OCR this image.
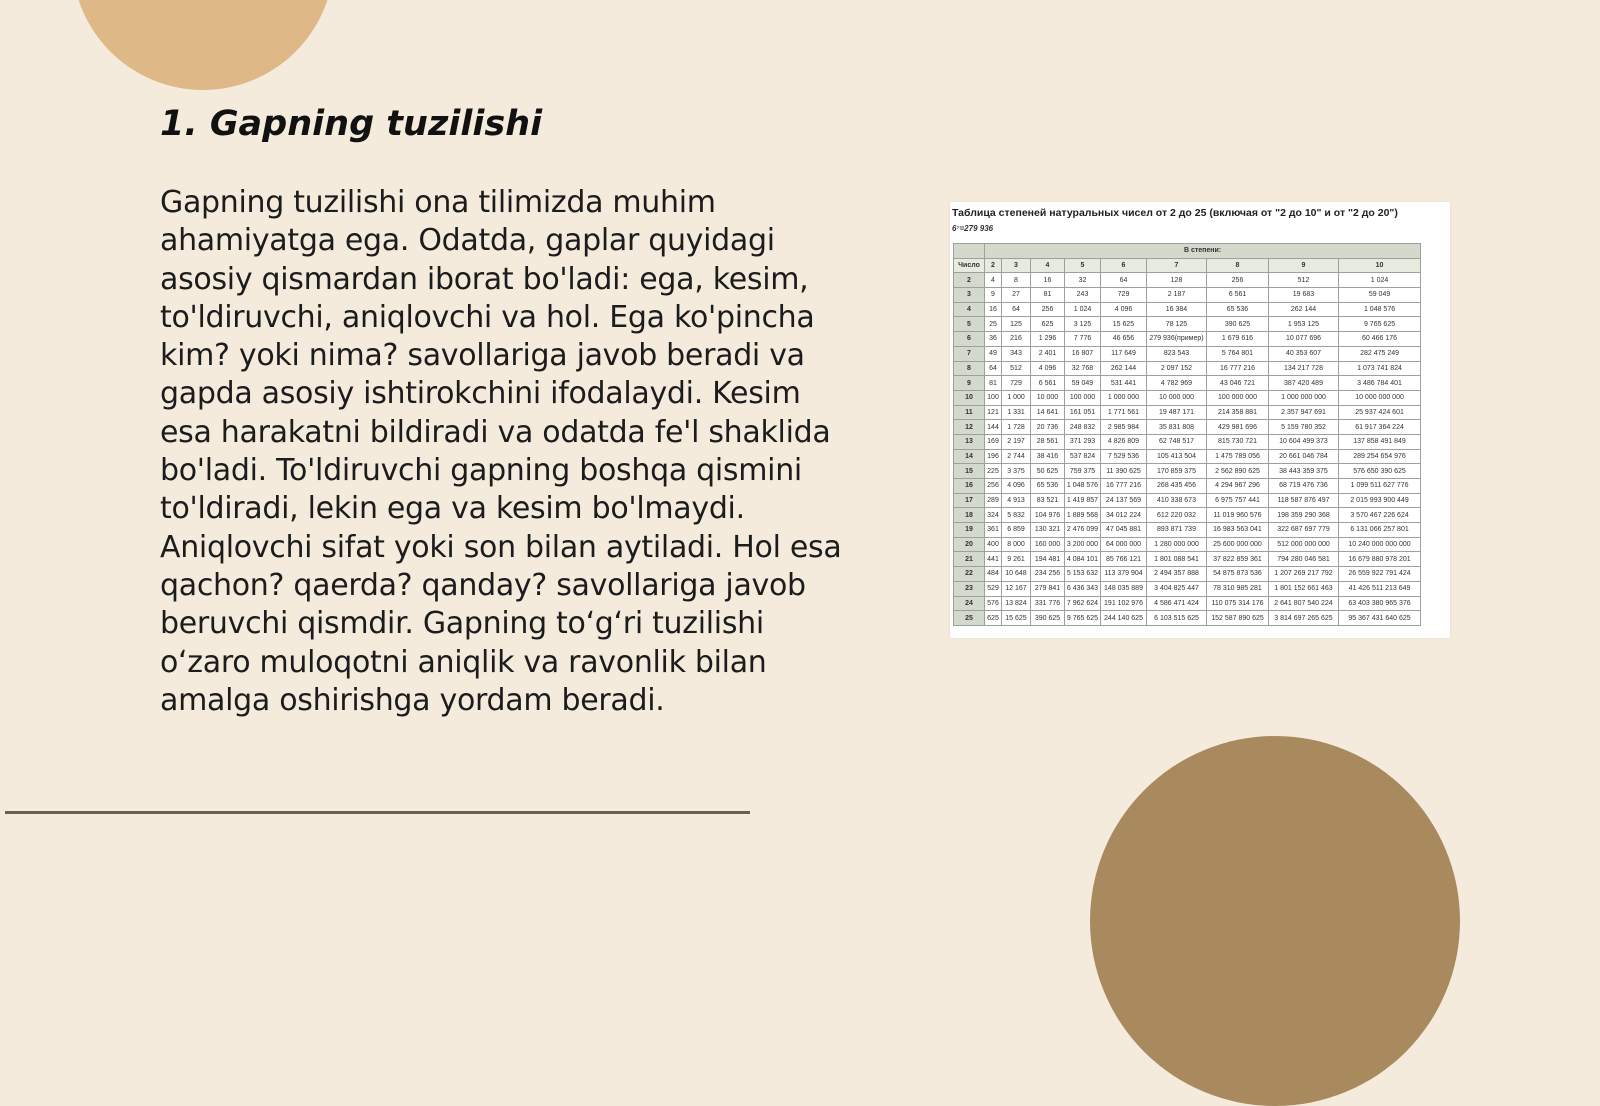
1. Gapning tuzilishi

Gapning tuzilishi ona tilimizda muhim ahamiyatga ega. Odatda, gaplar quyidagi asosiy qismardan iborat bo'ladi: ega, kesim, to'ldiruvchi, aniqlovchi va hol. Ega ko'pincha kim? yoki nima? savollariga javob beradi va gapda asosiy ishtirokchini ifodalaydi. Kesim esa harakatni bildiradi va odatda fe'l shaklida bo'ladi. To'ldiruvchi gapning boshqa qismini to'ldiradi, lekin ega va kesim bo'lmaydi. Aniqlovchi sifat yoki son bilan aytiladi. Hol esa qachon? qaerda? qanday? savollariga javob beruvchi qismdir. Gapning to‘g‘ri tuzilishi o‘zaro muloqotni aniqlik va ravonlik bilan amalga oshirishga yordam beradi.

Таблица степеней натуральных чисел от 2 до 25 (включая от "2 до 10" и от "2 до 20")
6⁷=279 936
	В степени:								
Число	2	3	4	5	6	7	8	9	10
2	4	8	16	32	64	128	256	512	1 024
3	9	27	81	243	729	2 187	6 561	19 683	59 049
4	16	64	256	1 024	4 096	16 384	65 536	262 144	1 048 576
5	25	125	625	3 125	15 625	78 125	390 625	1 953 125	9 765 625
6	36	216	1 296	7 776	46 656	279 936(пример)	1 679 616	10 077 696	60 466 176
7	49	343	2 401	16 807	117 649	823 543	5 764 801	40 353 607	282 475 249
8	64	512	4 096	32 768	262 144	2 097 152	16 777 216	134 217 728	1 073 741 824
9	81	729	6 561	59 049	531 441	4 782 969	43 046 721	387 420 489	3 486 784 401
10	100	1 000	10 000	100 000	1 000 000	10 000 000	100 000 000	1 000 000 000	10 000 000 000
11	121	1 331	14 641	161 051	1 771 561	19 487 171	214 358 881	2 357 947 691	25 937 424 601
12	144	1 728	20 736	248 832	2 985 984	35 831 808	429 981 696	5 159 780 352	61 917 364 224
13	169	2 197	28 561	371 293	4 826 809	62 748 517	815 730 721	10 604 499 373	137 858 491 849
14	196	2 744	38 416	537 824	7 529 536	105 413 504	1 475 789 056	20 661 046 784	289 254 654 976
15	225	3 375	50 625	759 375	11 390 625	170 859 375	2 562 890 625	38 443 359 375	576 650 390 625
16	256	4 096	65 536	1 048 576	16 777 216	268 435 456	4 294 967 296	68 719 476 736	1 099 511 627 776
17	289	4 913	83 521	1 419 857	24 137 569	410 338 673	6 975 757 441	118 587 876 497	2 015 993 900 449
18	324	5 832	104 976	1 889 568	34 012 224	612 220 032	11 019 960 576	198 359 290 368	3 570 467 226 624
19	361	6 859	130 321	2 476 099	47 045 881	893 871 739	16 983 563 041	322 687 697 779	6 131 066 257 801
20	400	8 000	160 000	3 200 000	64 000 000	1 280 000 000	25 600 000 000	512 000 000 000	10 240 000 000 000
21	441	9 261	194 481	4 084 101	85 766 121	1 801 088 541	37 822 859 361	794 280 046 581	16 679 880 978 201
22	484	10 648	234 256	5 153 632	113 379 904	2 494 357 888	54 875 873 536	1 207 269 217 792	26 559 922 791 424
23	529	12 167	279 841	6 436 343	148 035 889	3 404 825 447	78 310 985 281	1 801 152 661 463	41 426 511 213 649
24	576	13 824	331 776	7 962 624	191 102 976	4 586 471 424	110 075 314 176	2 641 807 540 224	63 403 380 965 376
25	625	15 625	390 625	9 765 625	244 140 625	6 103 515 625	152 587 890 625	3 814 697 265 625	95 367 431 640 625
